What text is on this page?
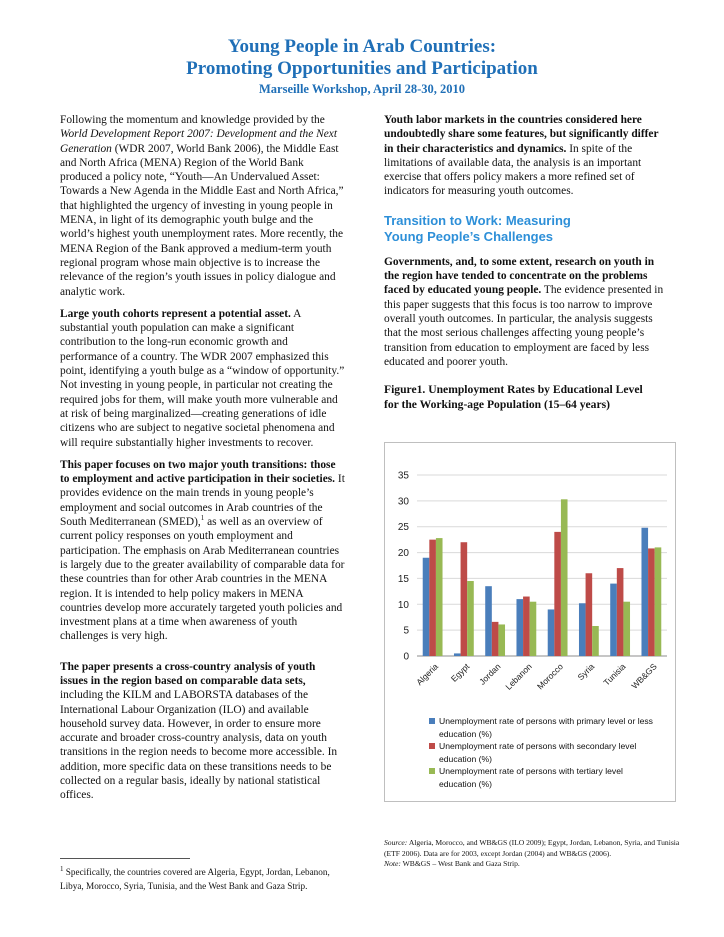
Young People in Arab Countries:
Promoting Opportunities and Participation
Marseille Workshop, April 28-30, 2010

Following the momentum and knowledge provided by the World Development Report 2007: Development and the Next Generation (WDR 2007, World Bank 2006), the Middle East and North Africa (MENA) Region of the World Bank produced a policy note, “Youth—An Undervalued Asset: Towards a New Agenda in the Middle East and North Africa,” that highlighted the urgency of investing in young people in MENA, in light of its demographic youth bulge and the world’s highest youth unemployment rates. More recently, the MENA Region of the Bank approved a medium-term youth regional program whose main objective is to increase the relevance of the region’s youth issues in policy dialogue and analytic work.

Large youth cohorts represent a potential asset. A substantial youth population can make a significant contribution to the long-run economic growth and performance of a country. The WDR 2007 emphasized this point, identifying a youth bulge as a “window of opportunity.” Not investing in young people, in particular not creating the required jobs for them, will make youth more vulnerable and at risk of being marginalized—creating generations of idle citizens who are subject to negative societal phenomena and will require substantially higher investments to recover.

This paper focuses on two major youth transitions: those to employment and active participation in their societies. It provides evidence on the main trends in young people’s employment and social outcomes in Arab countries of the South Mediterranean (SMED),$^1$ as well as an overview of current policy responses on youth employment and participation. The emphasis on Arab Mediterranean countries is largely due to the greater availability of comparable data for these countries than for other Arab countries in the MENA region. It is intended to help policy makers in MENA countries develop more accurately targeted youth policies and investment plans at a time when awareness of youth challenges is very high.

The paper presents a cross-country analysis of youth issues in the region based on comparable data sets, including the KILM and LABORSTA databases of the International Labour Organization (ILO) and available household survey data. However, in order to ensure more accurate and broader cross-country analysis, data on youth transitions in the region needs to become more accessible. In addition, more specific data on these transitions needs to be collected on a regular basis, ideally by national statistical offices.

Youth labor markets in the countries considered here undoubtedly share some features, but significantly differ in their characteristics and dynamics. In spite of the limitations of available data, the analysis is an important exercise that offers policy makers a more refined set of indicators for measuring youth outcomes.

Transition to Work: Measuring
Young People’s Challenges

Governments, and, to some extent, research on youth in the region have tended to concentrate on the problems faced by educated young people. The evidence presented in this paper suggests that this focus is too narrow to improve overall youth outcomes. In particular, the analysis suggests that the most serious challenges affecting young people’s transition from education to employment are faced by less educated and poorer youth.

Figure1. Unemployment Rates by Educational Level
for the Working-age Population (15–64 years)
0
5
10
15
20
25
30
35
Algeria Egypt Jordan Lebanon Morocco Syria Tunisia WB&GS
Unemployment rate of persons with primary level or less
education (%)
Unemployment rate of persons with secondary level
education (%)
Unemployment rate of persons with tertiary level
education (%)
Source: Algeria, Morocco, and WB&GS (ILO 2009); Egypt, Jordan, Lebanon, Syria, and Tunisia (ETF 2006). Data are for 2003, except Jordan (2004) and WB&GS (2006).
Note: WB&GS – West Bank and Gaza Strip.
$^1$ Specifically, the countries covered are Algeria, Egypt, Jordan, Lebanon, Libya, Morocco, Syria, Tunisia, and the West Bank and Gaza Strip.
